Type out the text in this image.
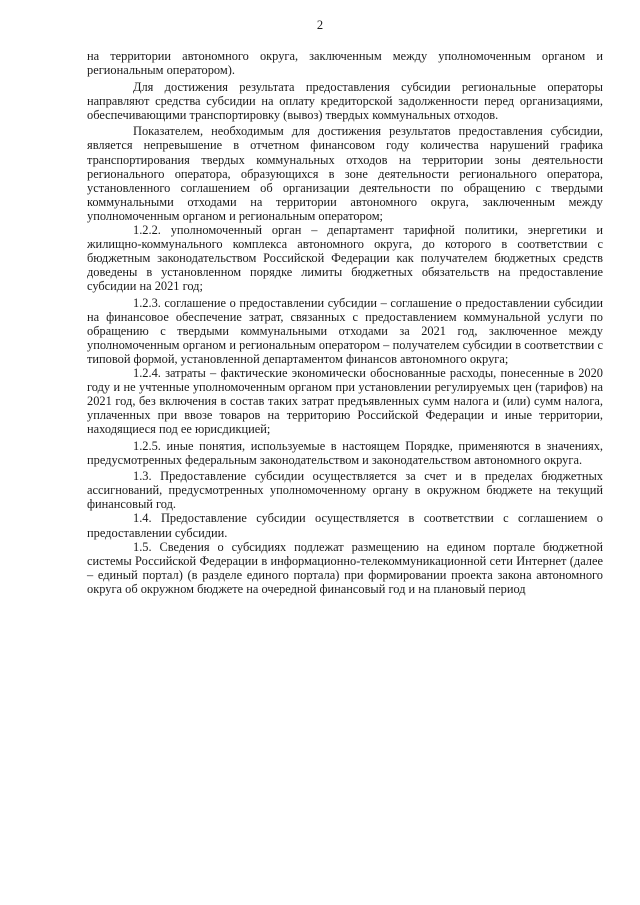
2

на территории автономного округа, заключенным между уполномоченным органом и региональным оператором).

Для достижения результата предоставления субсидии региональные операторы направляют средства субсидии на оплату кредиторской задолженности перед организациями, обеспечивающими транспортировку (вывоз) твердых коммунальных отходов.

Показателем, необходимым для достижения результатов предоставления субсидии, является непревышение в отчетном финансовом году количества нарушений графика транспортирования твердых коммунальных отходов на территории зоны деятельности регионального оператора, образующихся в зоне деятельности регионального оператора, установленного соглашением об организации деятельности по обращению с твердыми коммунальными отходами на территории автономного округа, заключенным между уполномоченным органом и региональным оператором;

1.2.2. уполномоченный орган – департамент тарифной политики, энергетики и жилищно-коммунального комплекса автономного округа, до которого в соответствии с бюджетным законодательством Российской Федерации как получателем бюджетных средств доведены в установленном порядке лимиты бюджетных обязательств на предоставление субсидии на 2021 год;

1.2.3. соглашение о предоставлении субсидии – соглашение о предоставлении субсидии на финансовое обеспечение затрат, связанных с предоставлением коммунальной услуги по обращению с твердыми коммунальными отходами за 2021 год, заключенное между уполномоченным органом и региональным оператором – получателем субсидии в соответствии с типовой формой, установленной департаментом финансов автономного округа;

1.2.4. затраты – фактические экономически обоснованные расходы, понесенные в 2020 году и не учтенные уполномоченным органом при установлении регулируемых цен (тарифов) на 2021 год, без включения в состав таких затрат предъявленных сумм налога и (или) сумм налога, уплаченных при ввозе товаров на территорию Российской Федерации и иные территории, находящиеся под ее юрисдикцией;

1.2.5. иные понятия, используемые в настоящем Порядке, применяются в значениях, предусмотренных федеральным законодательством и законодательством автономного округа.

1.3. Предоставление субсидии осуществляется за счет и в пределах бюджетных ассигнований, предусмотренных уполномоченному органу в окружном бюджете на текущий финансовый год.

1.4. Предоставление субсидии осуществляется в соответствии с соглашением о предоставлении субсидии.

1.5. Сведения о субсидиях подлежат размещению на едином портале бюджетной системы Российской Федерации в информационно-телекоммуникационной сети Интернет (далее – единый портал) (в разделе единого портала) при формировании проекта закона автономного округа об окружном бюджете на очередной финансовый год и на плановый период
